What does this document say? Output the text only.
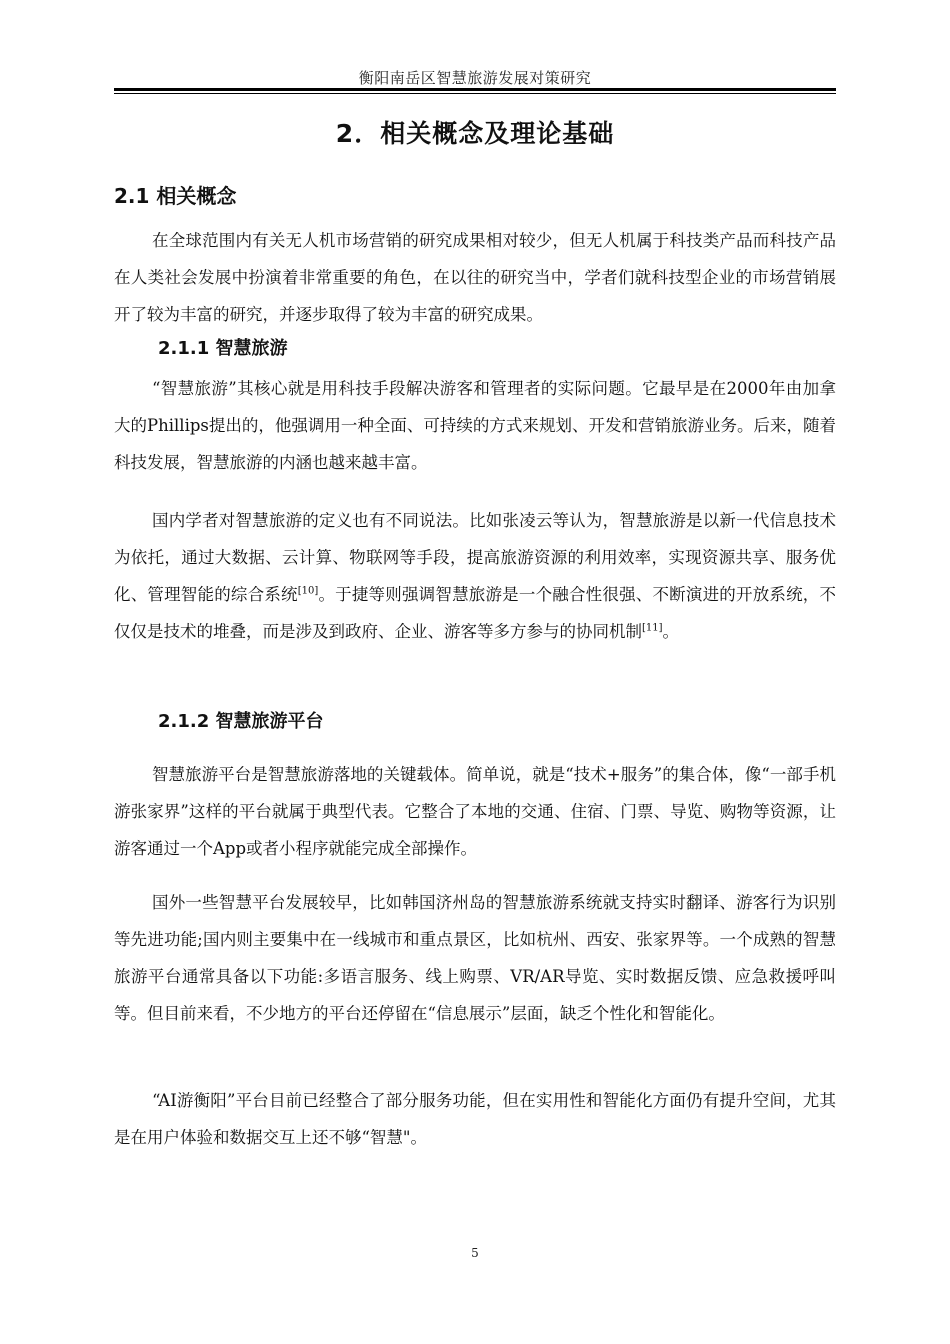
衡阳南岳区智慧旅游发展对策研究
2．相关概念及理论基础
2.1 相关概念

在全球范围内有关无人机市场营销的研究成果相对较少，但无人机属于科技类产品而科技产品在人类社会发展中扮演着非常重要的角色，在以往的研究当中，学者们就科技型企业的市场营销展开了较为丰富的研究，并逐步取得了较为丰富的研究成果。

2.1.1 智慧旅游

“智慧旅游”其核心就是用科技手段解决游客和管理者的实际问题。它最早是在2000年由加拿大的Phillips提出的，他强调用一种全面、可持续的方式来规划、开发和营销旅游业务。后来，随着科技发展，智慧旅游的内涵也越来越丰富。

国内学者对智慧旅游的定义也有不同说法。比如张凌云等认为，智慧旅游是以新一代信息技术为依托，通过大数据、云计算、物联网等手段，提高旅游资源的利用效率，实现资源共享、服务优化、管理智能的综合系统[10]。于捷等则强调智慧旅游是一个融合性很强、不断演进的开放系统，不仅仅是技术的堆叠，而是涉及到政府、企业、游客等多方参与的协同机制[11]。

2.1.2 智慧旅游平台

智慧旅游平台是智慧旅游落地的关键载体。简单说，就是“技术+服务”的集合体，像“一部手机游张家界”这样的平台就属于典型代表。它整合了本地的交通、住宿、门票、导览、购物等资源，让游客通过一个App或者小程序就能完成全部操作。

国外一些智慧平台发展较早，比如韩国济州岛的智慧旅游系统就支持实时翻译、游客行为识别等先进功能;国内则主要集中在一线城市和重点景区，比如杭州、西安、张家界等。一个成熟的智慧旅游平台通常具备以下功能:多语言服务、线上购票、VR/AR导览、实时数据反馈、应急救援呼叫等。但目前来看，不少地方的平台还停留在“信息展示”层面，缺乏个性化和智能化。

“AI游衡阳”平台目前已经整合了部分服务功能，但在实用性和智能化方面仍有提升空间，尤其是在用户体验和数据交互上还不够“智慧"。

5
